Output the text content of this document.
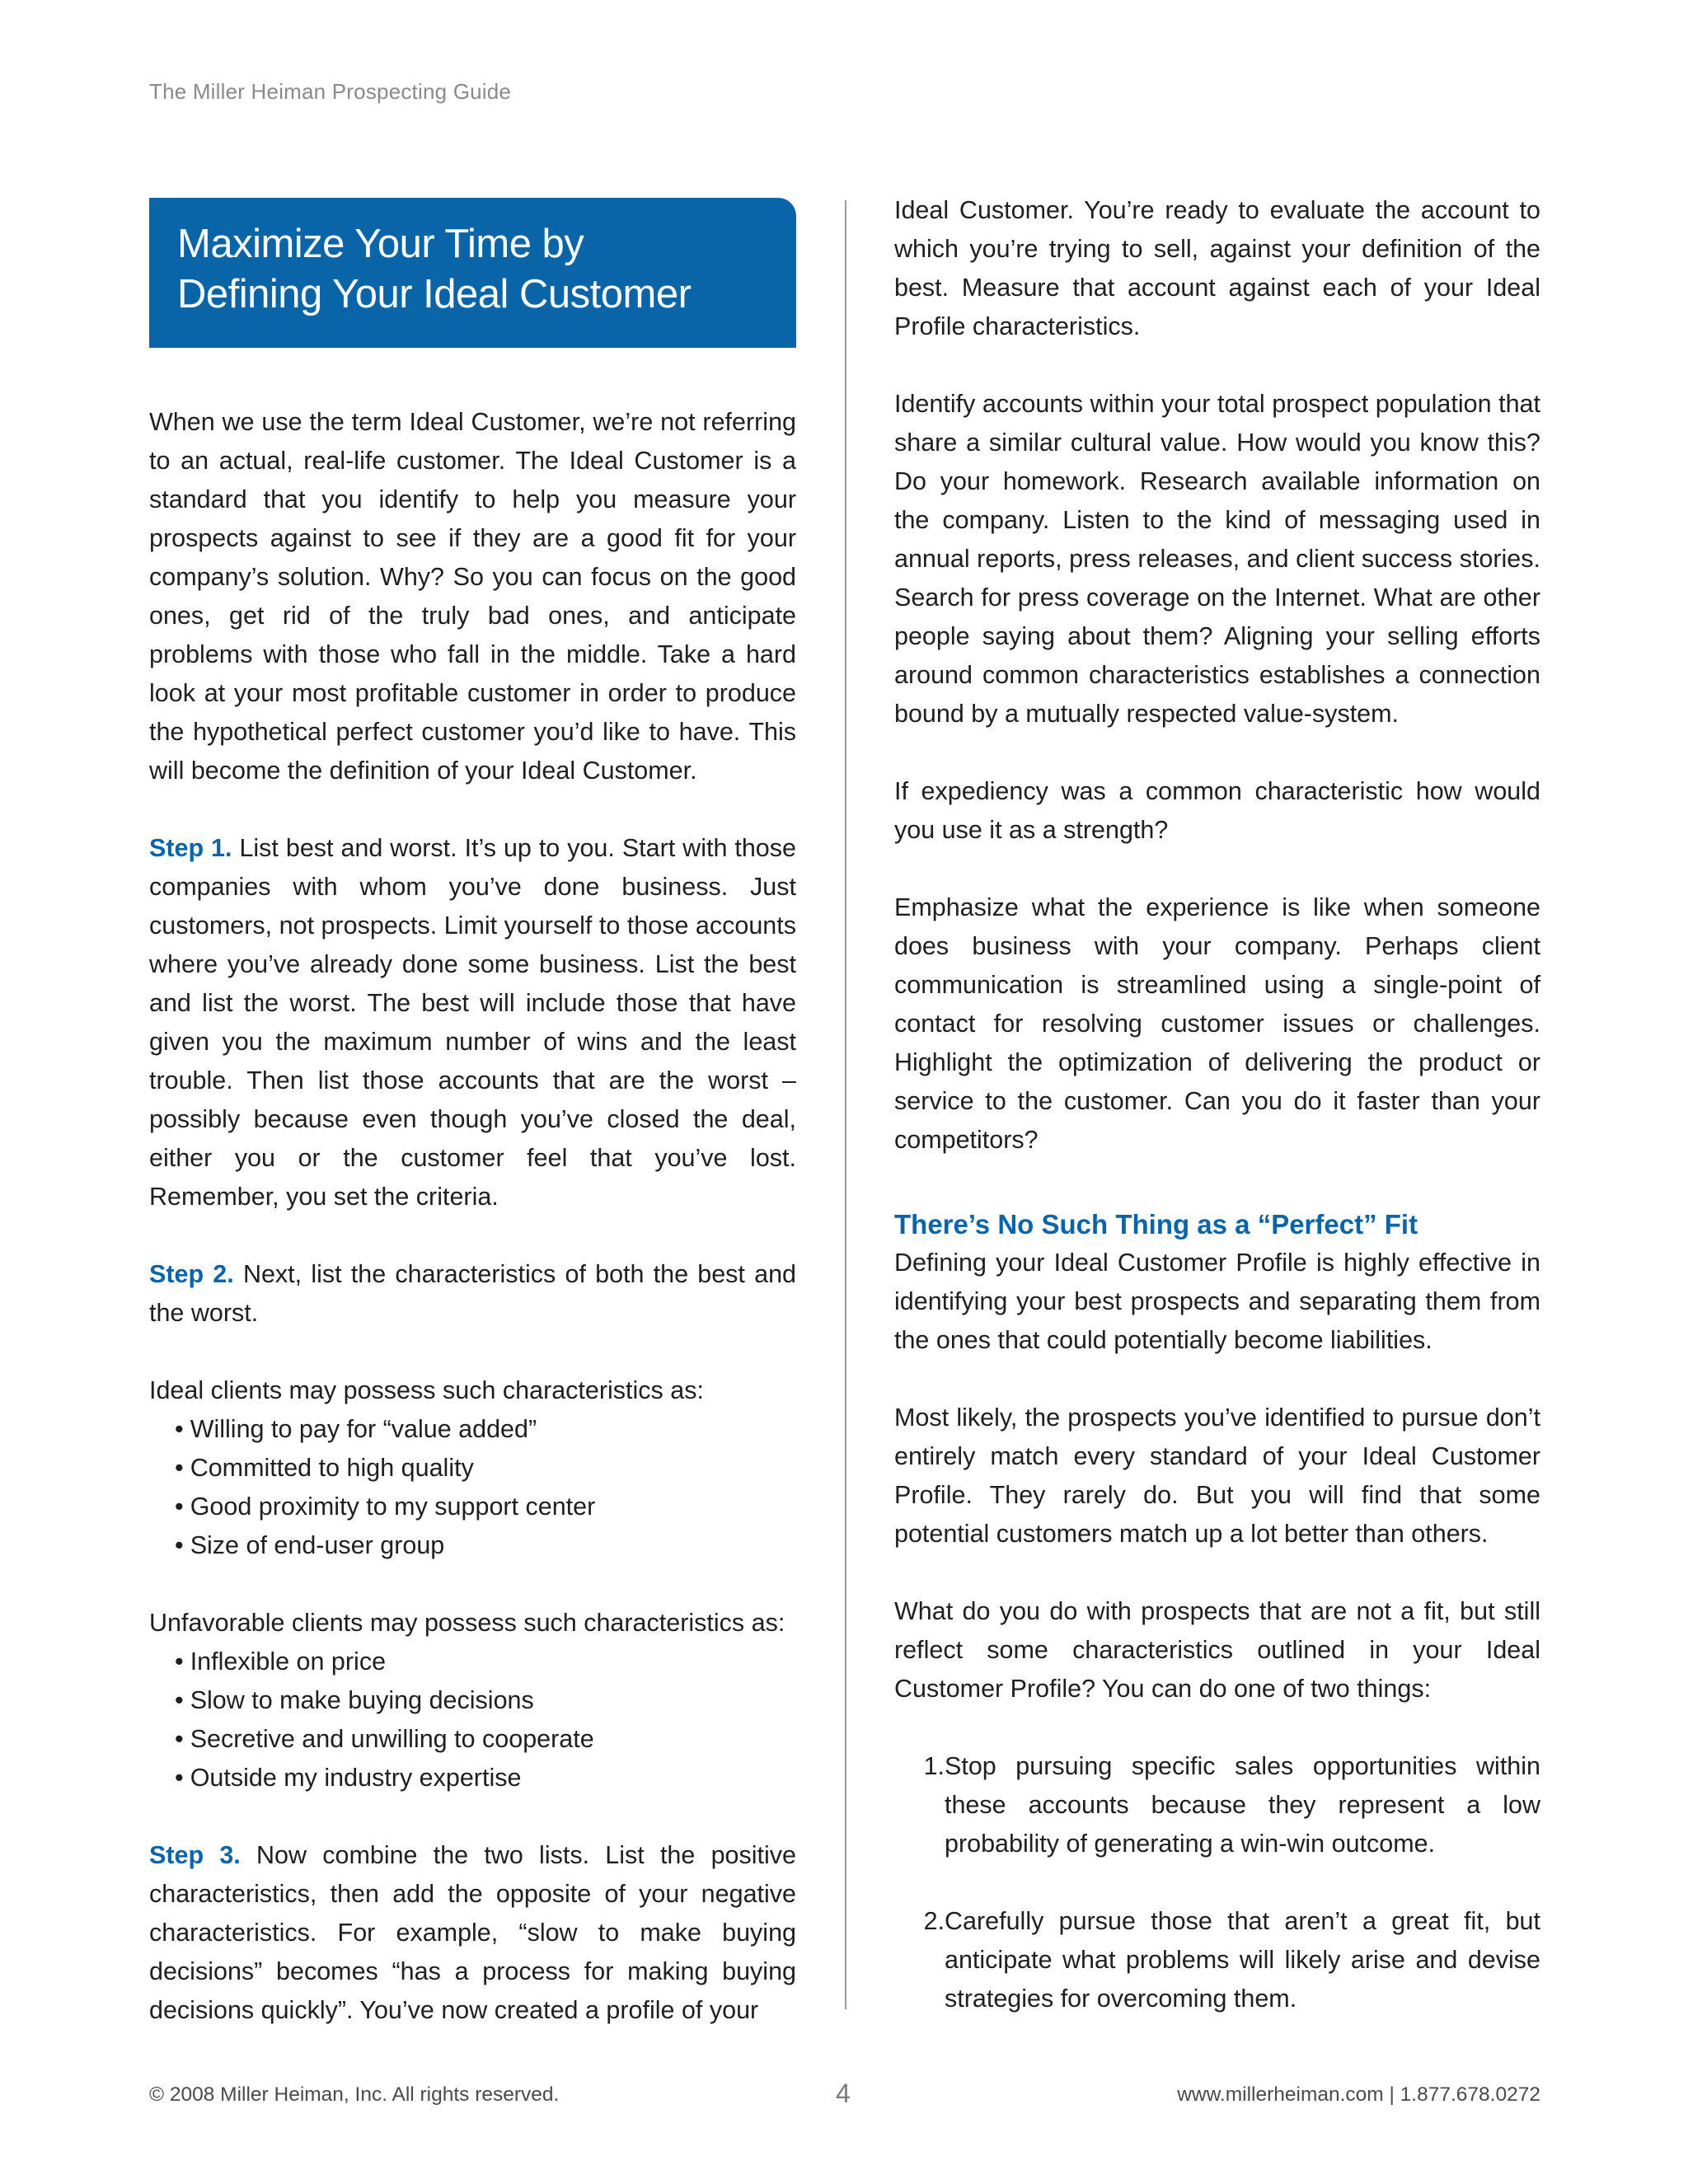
The Miller Heiman Prospecting Guide
Maximize Your Time by
Defining Your Ideal Customer

When we use the term Ideal Customer, we’re not referring to an actual, real-life customer. The Ideal Customer is a standard that you identify to help you measure your prospects against to see if they are a good fit for your company’s solution. Why? So you can focus on the good ones, get rid of the truly bad ones, and anticipate problems with those who fall in the middle. Take a hard look at your most profitable customer in order to produce the hypothetical perfect customer you’d like to have. This will become the definition of your Ideal Customer.

Step 1. List best and worst. It’s up to you. Start with those companies with whom you’ve done business. Just customers, not prospects. Limit yourself to those accounts where you’ve already done some business. List the best and list the worst. The best will include those that have given you the maximum number of wins and the least trouble. Then list those accounts that are the worst – possibly because even though you’ve closed the deal, either you or the customer feel that you’ve lost. Remember, you set the criteria.

Step 2. Next, list the characteristics of both the best and the worst.

Ideal clients may possess such characteristics as:

• Willing to pay for “value added”
• Committed to high quality
• Good proximity to my support center
• Size of end-user group

Unfavorable clients may possess such characteristics as:

• Inflexible on price
• Slow to make buying decisions
• Secretive and unwilling to cooperate
• Outside my industry expertise

Step 3. Now combine the two lists. List the positive characteristics, then add the opposite of your negative characteristics. For example, “slow to make buying decisions” becomes “has a process for making buying decisions quickly”. You’ve now created a profile of your

Ideal Customer. You’re ready to evaluate the account to which you’re trying to sell, against your definition of the best. Measure that account against each of your Ideal Profile characteristics.

Identify accounts within your total prospect population that share a similar cultural value. How would you know this? Do your homework. Research available information on the company. Listen to the kind of messaging used in annual reports, press releases, and client success stories. Search for press coverage on the Internet. What are other people saying about them? Aligning your selling efforts around common characteristics establishes a connection bound by a mutually respected value-system.

If expediency was a common characteristic how would you use it as a strength?

Emphasize what the experience is like when someone does business with your company. Perhaps client communication is streamlined using a single-point of contact for resolving customer issues or challenges. Highlight the optimization of delivering the product or service to the customer. Can you do it faster than your competitors?

There’s No Such Thing as a “Perfect” Fit

Defining your Ideal Customer Profile is highly effective in identifying your best prospects and separating them from the ones that could potentially become liabilities.

Most likely, the prospects you’ve identified to pursue don’t entirely match every standard of your Ideal Customer Profile. They rarely do. But you will find that some potential customers match up a lot better than others.

What do you do with prospects that are not a fit, but still reflect some characteristics outlined in your Ideal Customer Profile? You can do one of two things:

1. Stop pursuing specific sales opportunities within these accounts because they represent a low probability of generating a win-win outcome.
2. Carefully pursue those that aren’t a great fit, but anticipate what problems will likely arise and devise strategies for overcoming them.
© 2008 Miller Heiman, Inc. All rights reserved.	4	www.millerheiman.com | 1.877.678.0272
